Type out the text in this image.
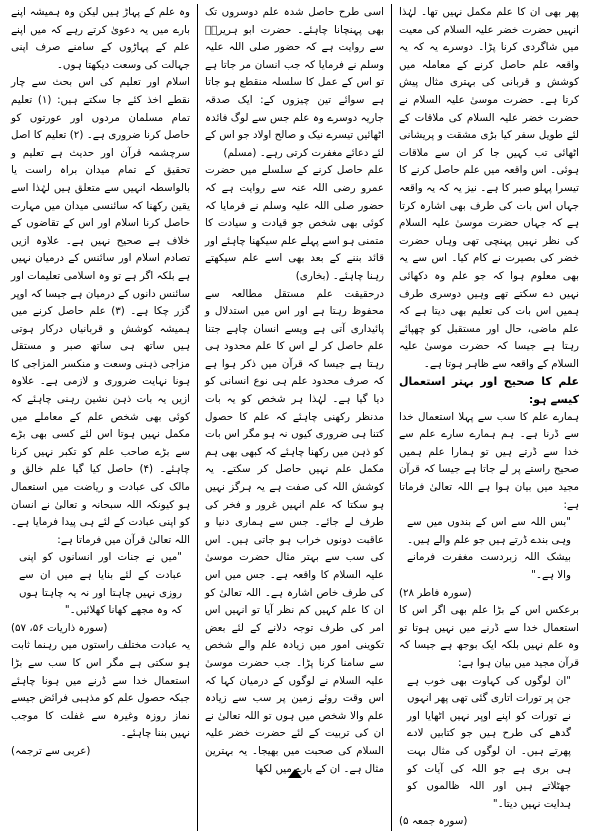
وہ علم کے پہاڑ ہیں لیکن وہ ہمیشہ اپنے بارے میں یہ دعویٰ کرتے رہے کہ میں اپنے علم کے پہاڑوں کے سامنے صرف اپنی جہالت کی وسعت دیکھتا ہوں۔

اسلام اور تعلیم کی اس بحث سے چار نقطے اخذ کئے جا سکتے ہیں: (۱) تعلیم تمام مسلمان مردوں اور عورتوں کو حاصل کرنا ضروری ہے۔ (۲) تعلیم کا اصل سرچشمہ قرآن اور حدیث ہے تعلیم و تحقیق کے تمام میدان براہ راست یا بالواسطہ انہیں سے متعلق ہیں لہٰذا اسے یقین رکھنا کہ سائنسی میدان میں مہارت حاصل کرنا اسلام اور اس کے تقاضوں کے خلاف ہے صحیح نہیں ہے۔ علاوہ ازیں تصادم اسلام اور سائنس کے درمیان نہیں ہے بلکہ اگر ہے تو وہ اسلامی تعلیمات اور سائنس دانوں کے درمیان ہے جیسا کہ اوپر گزر چکا ہے۔ (۳) علم حاصل کرنے میں ہمیشہ کوشش و قربانیاں درکار ہوتی ہیں ساتھ ہی ساتھ صبر و مستقل مزاجی ذہنی وسعت و منکسر المزاجی کا ہونا نہایت ضروری و لازمی ہے۔ علاوہ ازیں یہ بات ذہن نشین رہنی چاہئے کہ کوئی بھی شخص علم کے معاملے میں مکمل نہیں ہوتا اس لئے کسی بھی بڑے سے بڑے صاحب علم کو تکبر نہیں کرنا چاہئے۔ (۴) حاصل کیا گیا علم خالق و مالک کی عبادت و ریاضت میں استعمال ہو کیونکہ اللہ سبحانہ و تعالیٰ نے انسان کو اپنی عبادت کے لئے ہی پیدا فرمایا ہے۔ اللہ تعالیٰ قرآن میں فرماتا ہے:

"میں نے جنات اور انسانوں کو اپنی عبادت کے لئے بنایا ہے میں ان سے روزی نہیں چاہتا اور نہ یہ چاہتا ہوں کہ وہ مجھے کھانا کھلائیں۔"

(سورہ ذاریات ۵۶، ۵۷)

یہ عبادت مختلف راستوں میں رہنما ثابت ہو سکتی ہے مگر اس کا سب سے بڑا استعمال خدا سے ڈرنے میں ہونا چاہئے جبکہ حصول علم کو مذہبی فرائض جیسے نماز روزہ وغیرہ سے غفلت کا موجب نہیں بننا چاہئے۔

(عربی سے ترجمہ)

اسی طرح حاصل شدہ علم دوسروں تک بھی پہنچانا چاہئے۔ حضرت ابو ہریرہؓ سے روایت ہے کہ حضور صلی اللہ علیہ وسلم نے فرمایا کہ جب انسان مر جاتا ہے تو اس کے عمل کا سلسلہ منقطع ہو جاتا ہے سوائے تین چیزوں کے: ایک صدقہ جاریہ دوسرے وہ علم جس سے لوگ فائدہ اٹھائیں تیسرے نیک و صالح اولاد جو اس کے لئے دعائے مغفرت کرتی رہے۔ (مسلم)

علم حاصل کرنے کے سلسلے میں حضرت عمرو رضی اللہ عنہ سے روایت ہے کہ حضور صلی اللہ علیہ وسلم نے فرمایا کہ کوئی بھی شخص جو قیادت و سیادت کا متمنی ہو اسے پہلے علم سیکھنا چاہئے اور قائد بننے کے بعد بھی اسے علم سیکھتے رہنا چاہئے۔ (بخاری)

درحقیقت علم مستقل مطالعہ سے محفوظ رہتا ہے اور اس میں استدلال و پائیداری آتی ہے ویسے انسان چاہے جتنا علم حاصل کر لے اس کا علم محدود ہی رہتا ہے جیسا کہ قرآن میں ذکر ہوا ہے کہ صرف محدود علم ہی نوع انسانی کو دیا گیا ہے۔ لہٰذا ہر شخص کو یہ بات مدنظر رکھنی چاہئے کہ علم کا حصول کتنا ہی ضروری کیوں نہ ہو مگر اس بات کو ذہن میں رکھنا چاہئے کہ کبھی بھی ہم مکمل علم نہیں حاصل کر سکتے۔ یہ کوشش اللہ کی صفت ہے یہ ہرگز نہیں ہو سکتا کہ علم انہیں غرور و فخر کی طرف لے جائے۔ جس سے ہماری دنیا و عاقبت دونوں خراب ہو جاتی ہیں۔ اس کی سب سے بہتر مثال حضرت موسیٰ علیہ السلام کا واقعہ ہے۔ جس میں اس کی طرف خاص اشارہ ہے۔ اللہ تعالیٰ کو ان کا علم کہیں کم نظر آیا تو انہیں اس امر کی طرف توجہ دلانے کے لئے بعض تکوینی امور میں زیادہ علم والے شخص سے سامنا کرنا پڑا۔ جب حضرت موسیٰ علیہ السلام نے لوگوں کے درمیان کہا کہ اس وقت روئے زمین پر سب سے زیادہ علم والا شخص میں ہوں تو اللہ تعالیٰ نے ان کی تربیت کے لئے حضرت خضر علیہ السلام کی صحبت میں بھیجا۔ یہ بہترین مثال ہے۔ ان کے بارے میں لکھا

پھر بھی ان کا علم مکمل نہیں تھا۔ لہٰذا انہیں حضرت خضر علیہ السلام کی معیت میں شاگردی کرنا پڑا۔ دوسرے یہ کہ یہ واقعہ علم حاصل کرنے کے معاملہ میں کوشش و قربانی کی بہتری مثال پیش کرتا ہے۔ حضرت موسیٰ علیہ السلام نے حضرت خضر علیہ السلام کی ملاقات کے لئے طویل سفر کیا بڑی مشقت و پریشانی اٹھائی تب کہیں جا کر ان سے ملاقات ہوئی۔ اس واقعہ میں علم حاصل کرنے کا تیسرا پہلو صبر کا ہے۔ نیز یہ کہ یہ واقعہ جہاں اس بات کی طرف بھی اشارہ کرتا ہے کہ جہاں حضرت موسیٰ علیہ السلام کی نظر نہیں پہنچی تھی وہاں حضرت خضر کی بصیرت نے کام کیا۔ اس سے یہ بھی معلوم ہوا کہ جو علم وہ دکھائی نہیں دے سکتے تھے وہیں دوسری طرف ہمیں اس بات کی تعلیم بھی دیتا ہے کہ علم ماضی، حال اور مستقبل کو چھپائے رہتا ہے جیسا کہ حضرت موسیٰ علیہ السلام کے واقعہ سے ظاہر ہوتا ہے۔

علم کا صحیح اور بہتر استعمال کیسے ہو:

ہمارے علم کا سب سے پہلا استعمال خدا سے ڈرنا ہے۔ ہم ہمارے سارے علم سے خدا سے ڈرتے ہیں تو ہمارا علم ہمیں صحیح راستے پر لے جاتا ہے جیسا کہ قرآن مجید میں بیان ہوا ہے اللہ تعالیٰ فرماتا ہے:

"بس اللہ سے اس کے بندوں میں سے وہی بندے ڈرتے ہیں جو علم والے ہیں۔ بیشک اللہ زبردست مغفرت فرمانے والا ہے۔"

(سورہ فاطر ۲۸)

برعکس اس کے بڑا علم بھی اگر اس کا استعمال خدا سے ڈرنے میں نہیں ہوتا تو وہ علم نہیں بلکہ ایک بوجھ ہے جیسا کہ قرآن مجید میں بیان ہوا ہے:

"ان لوگوں کی کہاوت بھی خوب ہے جن پر تورات اتاری گئی تھی پھر انہوں نے تورات کو اپنے اوپر نہیں اٹھایا اور گدھے کی طرح ہیں جو کتابیں لادے پھرتے ہیں۔ ان لوگوں کی مثال بہت ہی بری ہے جو اللہ کی آیات کو جھٹلاتے ہیں اور اللہ ظالموں کو ہدایت نہیں دیتا۔"

(سورہ جمعہ ۵)
